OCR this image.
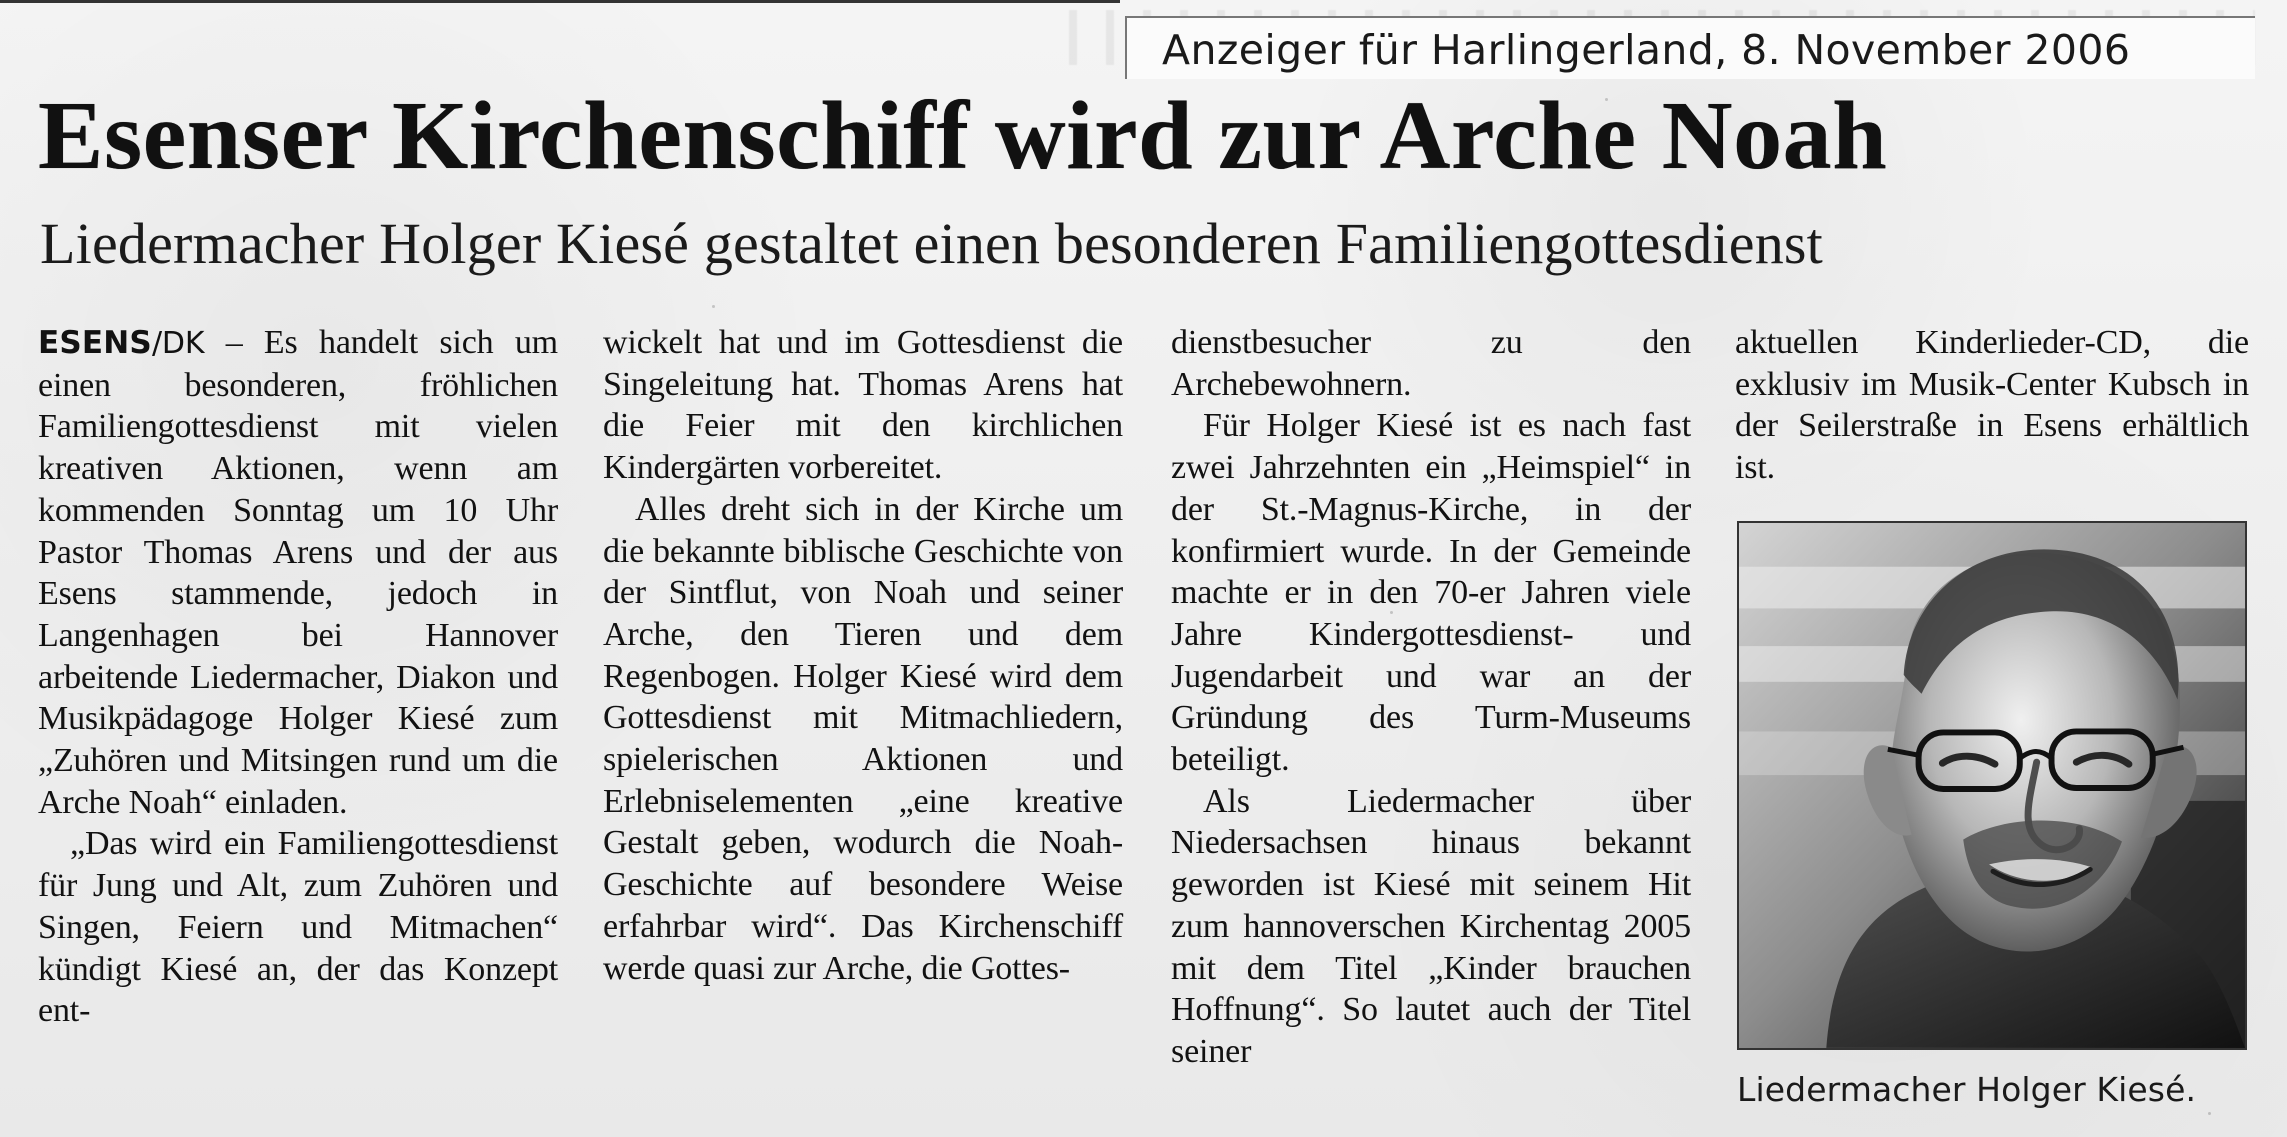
Anzeiger für Harlingerland, 8. November 2006
Esenser Kirchenschiff wird zur Arche Noah
Liedermacher Holger Kiesé gestaltet einen besonderen Familiengottesdienst

ESENS/DK – Es handelt sich um einen besonderen, fröhlichen Familiengottesdienst mit vielen kreativen Aktionen, wenn am kommenden Sonntag um 10 Uhr Pastor Thomas Arens und der aus Esens stammende, jedoch in Langenhagen bei Hannover arbeitende Liedermacher, Diakon und Musikpädagoge Holger Kiesé zum „Zuhören und Mitsingen rund um die Arche Noah“ einladen.

„Das wird ein Familiengottesdienst für Jung und Alt, zum Zuhören und Singen, Feiern und Mitmachen“ kündigt Kiesé an, der das Konzept ent-

wickelt hat und im Gottesdienst die Singeleitung hat. Thomas Arens hat die Feier mit den kirchlichen Kindergärten vorbereitet.

Alles dreht sich in der Kirche um die bekannte biblische Geschichte von der Sintflut, von Noah und seiner Arche, den Tieren und dem Regenbogen. Holger Kiesé wird dem Gottesdienst mit Mitmachliedern, spielerischen Aktionen und Erlebniselementen „eine kreative Gestalt geben, wodurch die Noah-Geschichte auf besondere Weise erfahrbar wird“. Das Kirchenschiff werde quasi zur Arche, die Gottes-

dienstbesucher zu den Archebewohnern.

Für Holger Kiesé ist es nach fast zwei Jahrzehnten ein „Heimspiel“ in der St.-Magnus-Kirche, in der konfirmiert wurde. In der Gemeinde machte er in den 70-er Jahren viele Jahre Kindergottesdienst- und Jugendarbeit und war an der Gründung des Turm-Museums beteiligt.

Als Liedermacher über Niedersachsen hinaus bekannt geworden ist Kiesé mit seinem Hit zum hannoverschen Kirchentag 2005 mit dem Titel „Kinder brauchen Hoffnung“. So lautet auch der Titel seiner

aktuellen Kinderlieder-CD, die exklusiv im Musik-Center Kubsch in der Seilerstraße in Esens erhältlich ist.

Liedermacher Holger Kiesé.
